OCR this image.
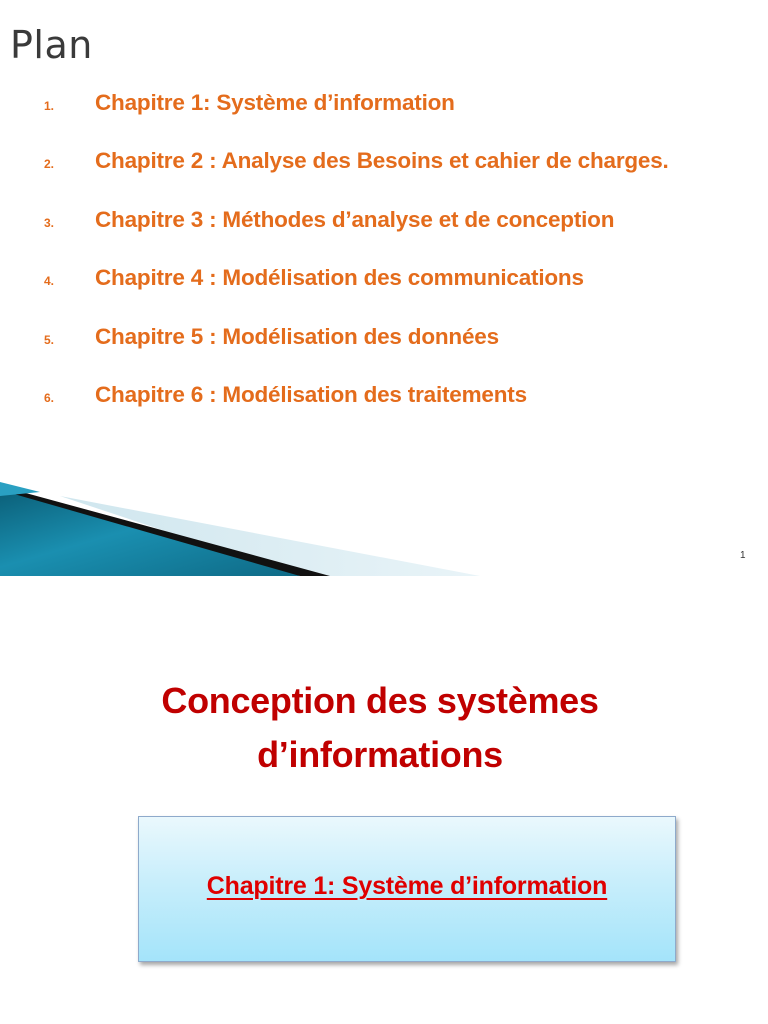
Plan
1.	Chapitre 1: Système d’information
2.	Chapitre 2 : Analyse des Besoins et cahier de charges.
3.	Chapitre 3 : Méthodes d’analyse et de conception
4.	Chapitre 4 : Modélisation des communications
5.	Chapitre 5 : Modélisation des données
6.	Chapitre 6 : Modélisation des traitements
1
Conception des systèmes
d’informations
Chapitre 1: Système d’information
